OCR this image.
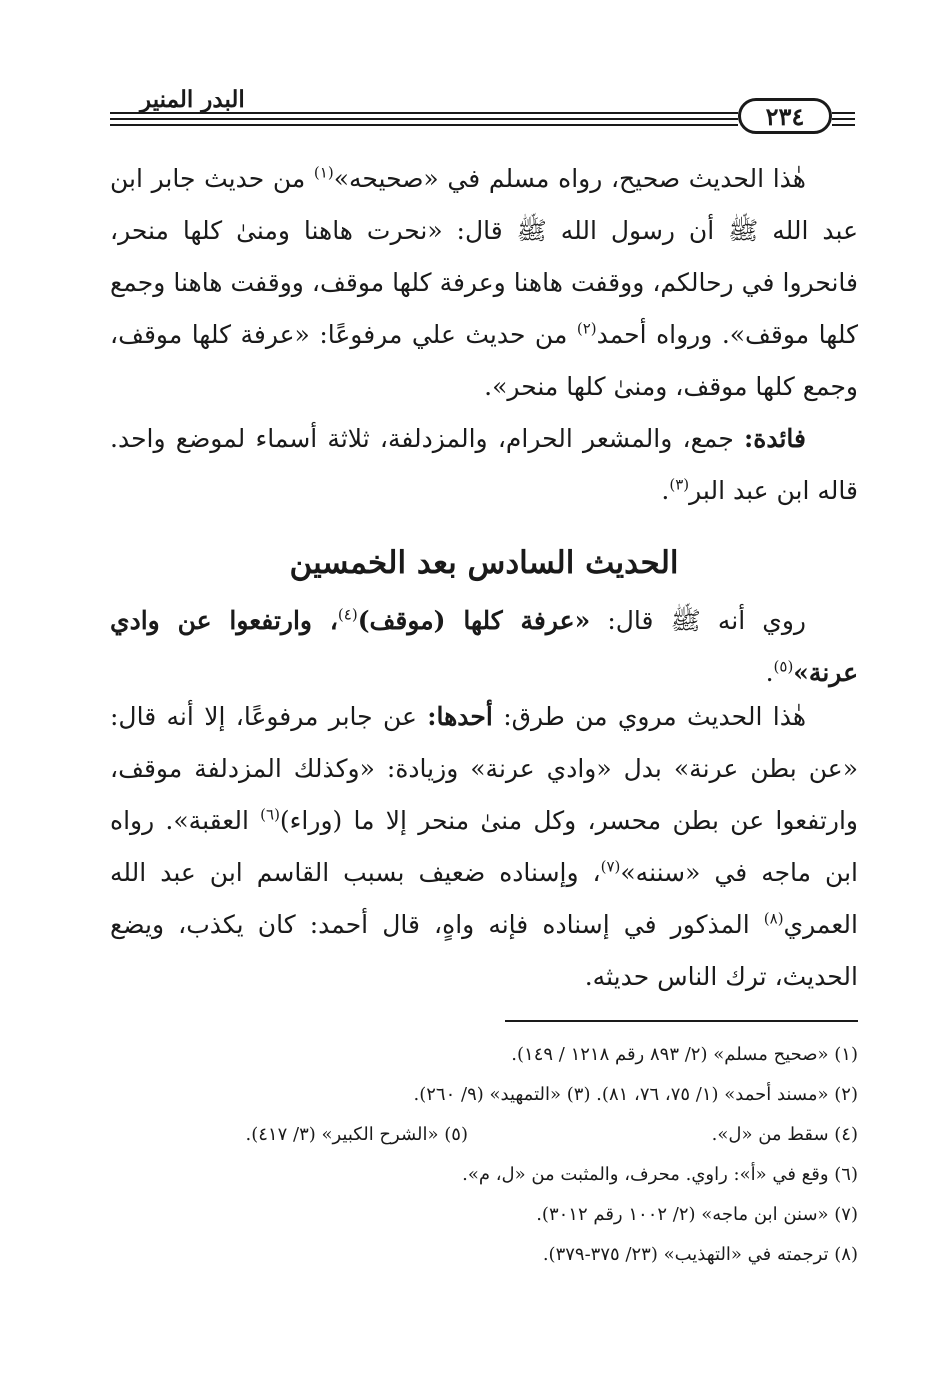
البدر المنير
٢٣٤

هٰذا الحديث صحيح، رواه مسلم في «صحيحه»$^{(١)}$ من حديث جابر ابن عبد الله ﷺ أن رسول الله ﷺ قال: «نحرت هاهنا ومنىٰ كلها منحر، فانحروا في رحالكم، ووقفت هاهنا وعرفة كلها موقف، ووقفت هاهنا وجمع كلها موقف». ورواه أحمد$^{(٢)}$ من حديث علي مرفوعًا: «عرفة كلها موقف، وجمع كلها موقف، ومنىٰ كلها منحر».

فائدة: جمع، والمشعر الحرام، والمزدلفة، ثلاثة أسماء لموضع واحد. قاله ابن عبد البر$^{(٣)}$.

الحديث السادس بعد الخمسين

روي أنه ﷺ قال: «عرفة كلها (موقف)$^{(٤)}$، وارتفعوا عن وادي عرنة»$^{(٥)}$.

هٰذا الحديث مروي من طرق: أحدها: عن جابر مرفوعًا، إلا أنه قال: «عن بطن عرنة» بدل «وادي عرنة» وزيادة: «وكذلك المزدلفة موقف، وارتفعوا عن بطن محسر، وكل منىٰ منحر إلا ما (وراء)$^{(٦)}$ العقبة». رواه ابن ماجه في «سننه»$^{(٧)}$، وإسناده ضعيف بسبب القاسم ابن عبد الله العمري$^{(٨)}$ المذكور في إسناده فإنه واهٍ، قال أحمد: كان يكذب، ويضع الحديث، ترك الناس حديثه.

(١) «صحيح مسلم» (٢/ ٨٩٣ رقم ١٢١٨ / ١٤٩).
(٢) «مسند أحمد» (١/ ٧٥، ٧٦، ٨١). (٣) «التمهيد» (٩/ ٢٦٠).
(٤) سقط من «ل».
(٥) «الشرح الكبير» (٣/ ٤١٧).
(٦) وقع في «أ»: راوي. محرف، والمثبت من «ل، م».
(٧) «سنن ابن ماجه» (٢/ ١٠٠٢ رقم ٣٠١٢).
(٨) ترجمته في «التهذيب» (٢٣/ ٣٧٥-٣٧٩).
